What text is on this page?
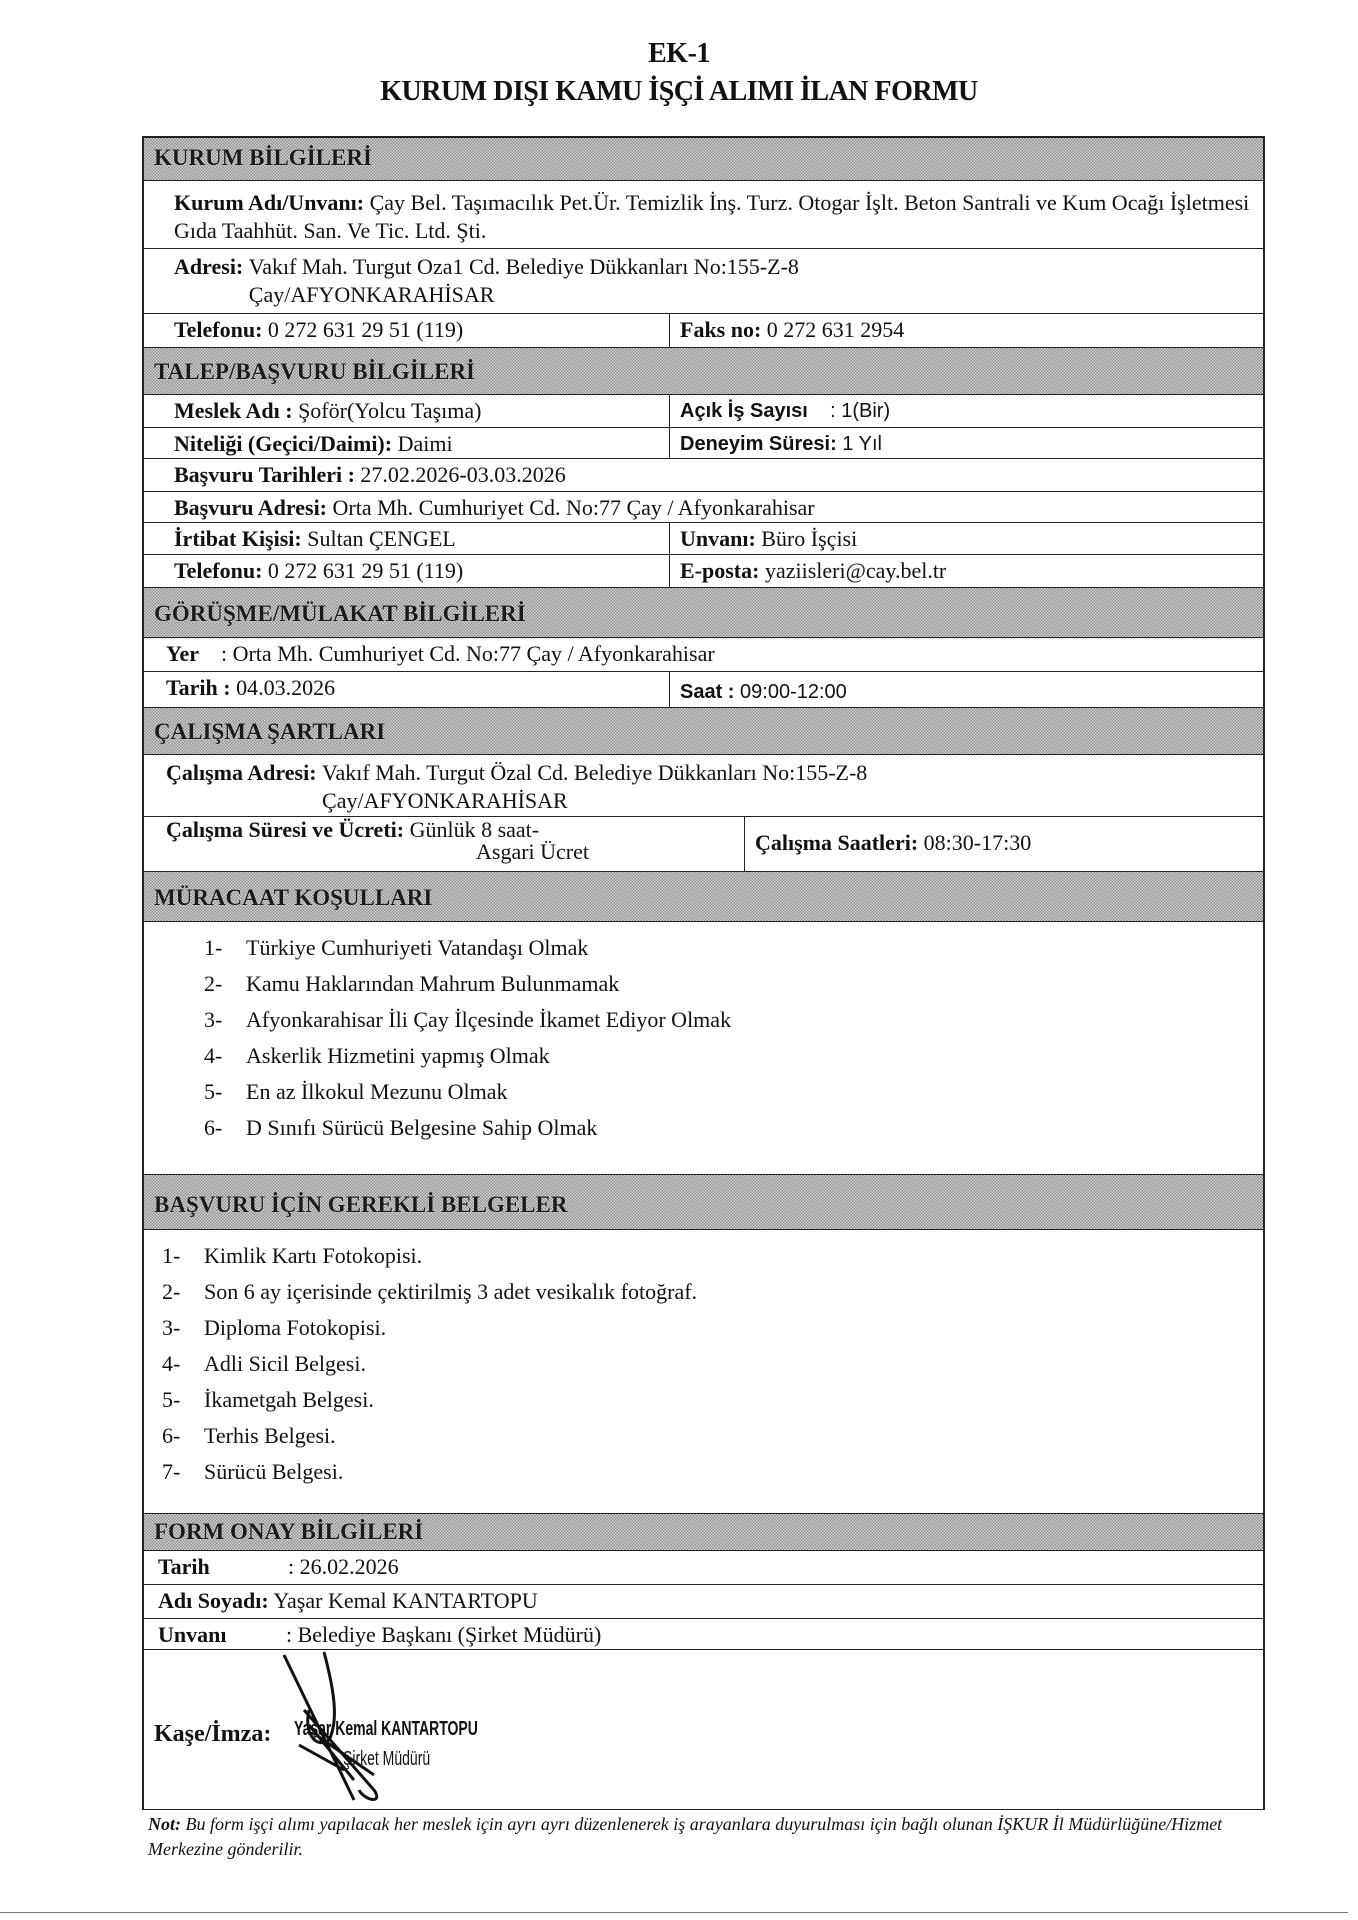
EK-1
KURUM DIŞI KAMU İŞÇİ ALIMI İLAN FORMU
KURUM BİLGİLERİ
Kurum Adı/Unvanı: Çay Bel. Taşımacılık Pet.Ür. Temizlik İnş. Turz. Otogar İşlt. Beton Santrali ve Kum Ocağı İşletmesi Gıda Taahhüt. San. Ve Tic. Ltd. Şti.
Adresi: Vakıf Mah. Turgut Oza1 Cd. Belediye Dükkanları No:155-Z-8 Çay/AFYONKARAHİSAR
Telefonu: 0 272 631 29 51 (119)	Faks no: 0 272 631 2954
TALEP/BAŞVURU BİLGİLERİ
Meslek Adı : Şoför(Yolcu Taşıma)	Açık İş Sayısı : 1(Bir)
Niteliği (Geçici/Daimi): Daimi	Deneyim Süresi: 1 Yıl
Başvuru Tarihleri : 27.02.2026-03.03.2026
Başvuru Adresi: Orta Mh. Cumhuriyet Cd. No:77 Çay / Afyonkarahisar
İrtibat Kişisi: Sultan ÇENGEL	Unvanı: Büro İşçisi
Telefonu: 0 272 631 29 51 (119)	E-posta: yaziisleri@cay.bel.tr
GÖRÜŞME/MÜLAKAT BİLGİLERİ
Yer : Orta Mh. Cumhuriyet Cd. No:77 Çay / Afyonkarahisar
Tarih : 04.03.2026	Saat : 09:00-12:00
ÇALIŞMA ŞARTLARI
Çalışma Adresi: Vakıf Mah. Turgut Özal Cd. Belediye Dükkanları No:155-Z-8 Çay/AFYONKARAHİSAR
Çalışma Süresi ve Ücreti: Günlük 8 saat-
Asgari Ücret	Çalışma Saatleri: 08:30-17:30
MÜRACAAT KOŞULLARI
1-	Türkiye Cumhuriyeti Vatandaşı Olmak
2-	Kamu Haklarından Mahrum Bulunmamak
3-	Afyonkarahisar İli Çay İlçesinde İkamet Ediyor Olmak
4-	Askerlik Hizmetini yapmış Olmak
5-	En az İlkokul Mezunu Olmak
6-	D Sınıfı Sürücü Belgesine Sahip Olmak
BAŞVURU İÇİN GEREKLİ BELGELER
1-	Kimlik Kartı Fotokopisi.
2-	Son 6 ay içerisinde çektirilmiş 3 adet vesikalık fotoğraf.
3-	Diploma Fotokopisi.
4-	Adli Sicil Belgesi.
5-	İkametgah Belgesi.
6-	Terhis Belgesi.
7-	Sürücü Belgesi.
FORM ONAY BİLGİLERİ
Tarih	: 26.02.2026
Adı Soyadı: Yaşar Kemal KANTARTOPU
Unvanı	: Belediye Başkanı (Şirket Müdürü)
Kaşe/İmza: Yaşar Kemal KANTARTOPU
Şirket Müdürü
Not: Bu form işçi alımı yapılacak her meslek için ayrı ayrı düzenlenerek iş arayanlara duyurulması için bağlı olunan İŞKUR İl Müdürlüğüne/Hizmet Merkezine gönderilir.
